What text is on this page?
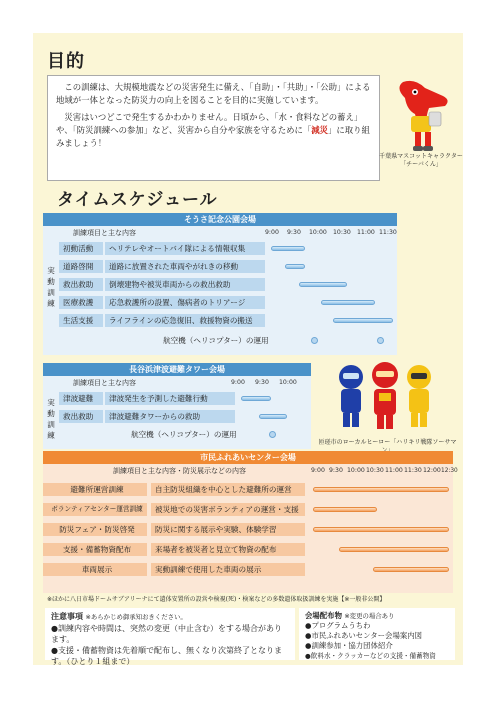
目的

この訓練は、大規模地震などの災害発生に備え、「自助」・「共助」・「公助」による地域が一体となった防災力の向上を図ることを目的に実施しています。

災害はいつどこで発生するかわかりません。日頃から、「水・食料などの蓄え」や、「防災訓練への参加」など、災害から自分や家族を守るために「減災」に取り組みましょう！

千葉県マスコットキャラクター
「チーバくん」
タイムスケジュール
そうさ記念公園会場
訓練項目と主な内容	9:00 9:30 10:00 10:30 11:00 11:30
実動訓練
初動活動	ヘリテレやオートバイ隊による情報収集
道路啓開	道路に放置された車両やがれきの移動
救出救助	倒壊建物や被災車両からの救出救助
医療救護	応急救護所の設置、傷病者のトリアージ
生活支援	ライフラインの応急復旧、救援物資の搬送
航空機（ヘリコプター）の運用
長谷浜津波避難タワー会場
訓練項目と主な内容	9:00 9:30 10:00
実動訓練
津波避難	津波発生を予測した避難行動
救出救助	津波避難タワーからの救助
航空機（ヘリコプター）の運用
匝瑳市のローカルヒーロー「ハリキリ戦隊ソーサマ
市民ふれあいセンター会場
訓練項目と主な内容・防災展示などの内容	9:00 9:30 10:00 10:30 11:00 11:30 12:00 12:30
避難所運営訓練	自主防災組織を中心とした避難所の運営
ボランティアセンター運営訓練	被災地での災害ボランティアの運営・支援
防災フェア・防災啓発	防災に関する展示や実験、体験学習
支援・備蓄物資配布	来場者を被災者と見立て物資の配布
車両展示	実動訓練で使用した車両の展示
※ほかに八日市場ドームサブアリーナにて遺体安置所の設営や検視(死)・検案などの多数遺体取扱訓練を実施【※一般非公開】
注意事項 ※あらかじめ御承知おきください。
●訓練内容や時間は、突然の変更（中止含む）をする場合があります。
●支援・備蓄物資は先着順で配布し、無くなり次第終了となります。（ひとり１組まで）
会場配布物 ※変更の場合あり
●プログラムうちわ
●市民ふれあいセンター会場案内図
●訓練参加・協力団体紹介
●飲料水・クラッカーなどの支援・備蓄物資
